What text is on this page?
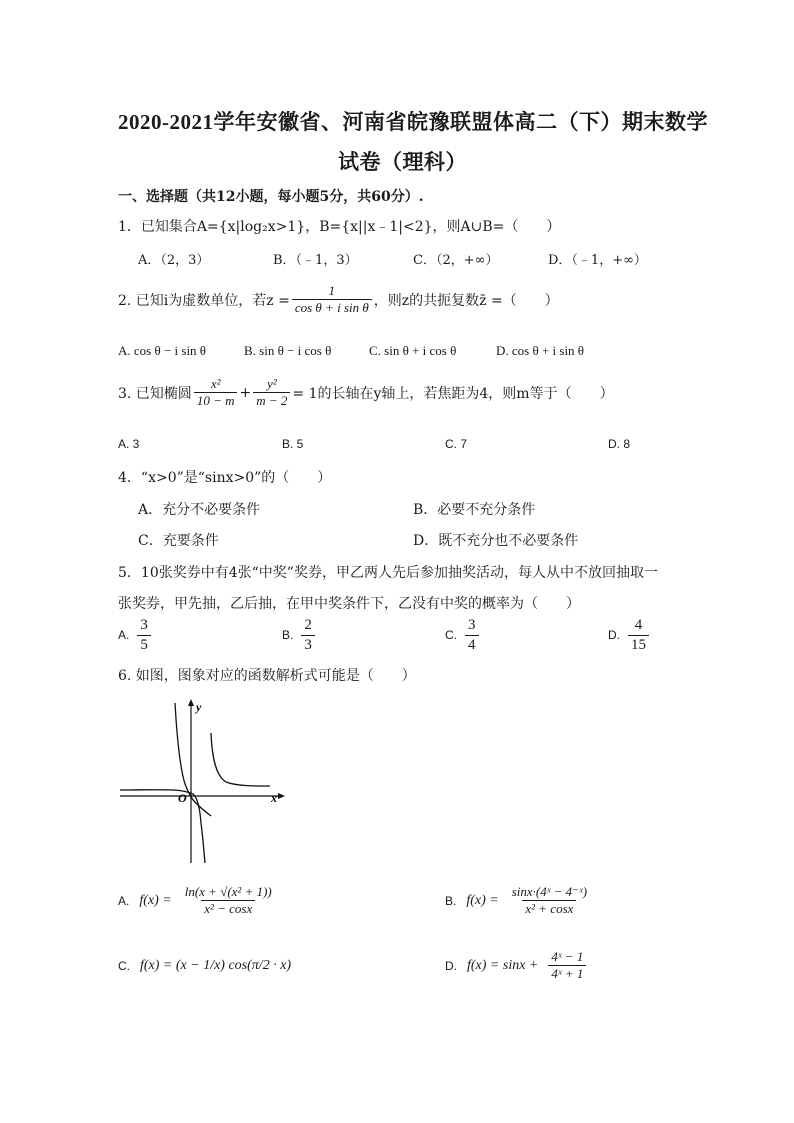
2020-2021学年安徽省、河南省皖豫联盟体高二（下）期末数学
试卷（理科）
一、选择题（共12小题，每小题5分，共60分）.
1．已知集合A={x|log₂x>1}，B={x||x﹣1|<2}，则A∪B=（　　）
A．（2，3）	B．（﹣1，3）	C．（2，+∞）	D．（﹣1，+∞）
2. 已知i为虚数单位，若$z = \frac{1}{\text{cos θ + i sin θ}}$ ，则z的共扼复数z̄ =（　　）
A. cos θ − i sin θ	B. sin θ − i cos θ	C. sin θ + i cos θ	D. cos θ + i sin θ
3. 已知椭圆 $\frac{\text{x²}}{10 - m} + \frac{\text{y²}}{m - 2} = 1$的长轴在y轴上，若焦距为4，则m等于（　　）
A. 3	B. 5	C. 7	D. 8
4．“x>0”是“sinx>0”的（　　）
A．充分不必要条件	B．必要不充分条件
C．充要条件	D．既不充分也不必要条件
5．10张奖券中有4张“中奖”奖券，甲乙两人先后参加抽奖活动，每人从中不放回抽取一
张奖券，甲先抽，乙后抽，在甲中奖条件下，乙没有中奖的概率为（　　）
A. $\frac{3}{5}$	B. $\frac{2}{3}$	C. $\frac{3}{4}$	D. $\frac{4}{15}$
6. 如图，图象对应的函数解析式可能是（　　）
y
x
O
A. $f(x) = \frac{\text{ln(x + √(x² + 1))}}{\text{x² − cosx}}$	B. $f(x) = \frac{\text{sinx·(4ˣ − 4⁻ˣ)}}{\text{x² + cosx}}$
C. f(x) = (x − 1/x) cos(π/2 · x)	D. $f(x) = \sin x + \frac{\text{4ˣ − 1}}{\text{4ˣ + 1}}$
